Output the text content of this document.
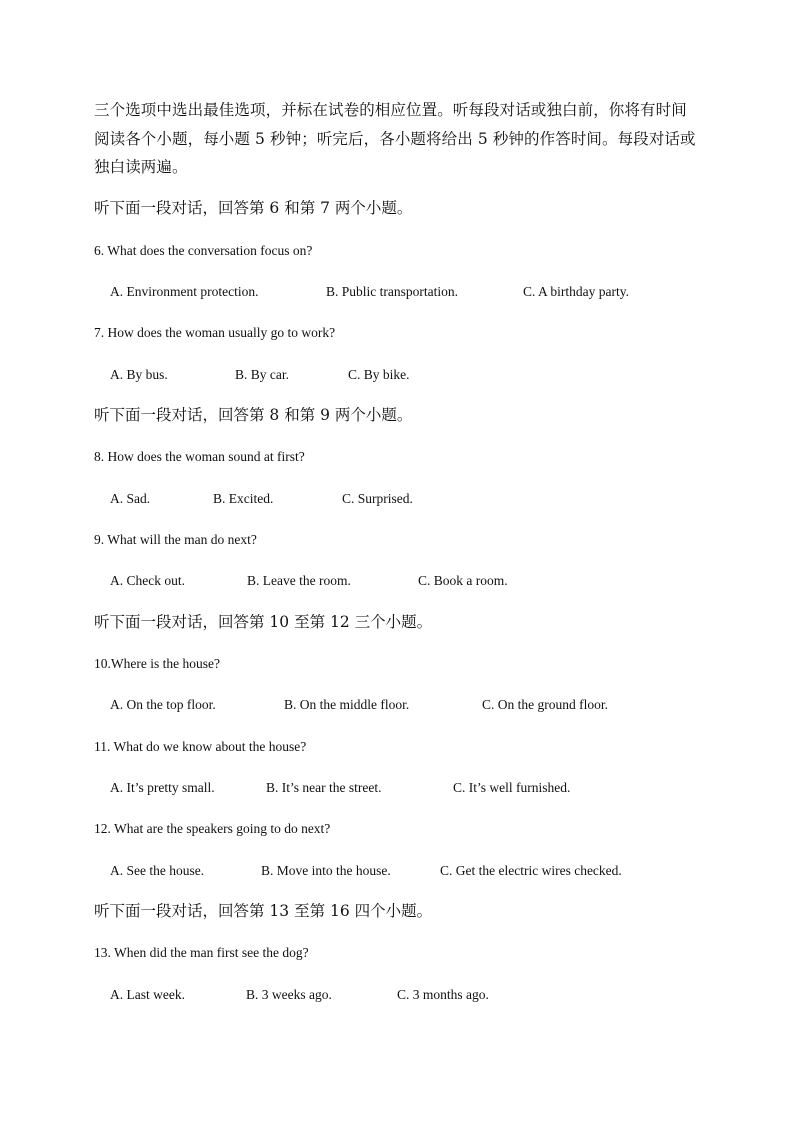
三个选项中选出最佳选项，并标在试卷的相应位置。听每段对话或独白前，你将有时间
阅读各个小题，每小题 5 秒钟；听完后，各小题将给出 5 秒钟的作答时间。每段对话或
独白读两遍。
听下面一段对话，回答第 6 和第 7 两个小题。
6. What does the conversation focus on?
A. Environment protection.	B. Public transportation.	C. A birthday party.
7. How does the woman usually go to work?
A. By bus.	B. By car.	C. By bike.
听下面一段对话，回答第 8 和第 9 两个小题。
8. How does the woman sound at first?
A. Sad.	B. Excited.	C. Surprised.
9. What will the man do next?
A. Check out.	B. Leave the room.	C. Book a room.
听下面一段对话，回答第 10 至第 12 三个小题。
10.Where is the house?
A. On the top floor.	B. On the middle floor.	C. On the ground floor.
11. What do we know about the house?
A. It’s pretty small.	B. It’s near the street.	C. It’s well furnished.
12. What are the speakers going to do next?
A. See the house.	B. Move into the house.	C. Get the electric wires checked.
听下面一段对话，回答第 13 至第 16 四个小题。
13. When did the man first see the dog?
A. Last week.	B. 3 weeks ago.	C. 3 months ago.
